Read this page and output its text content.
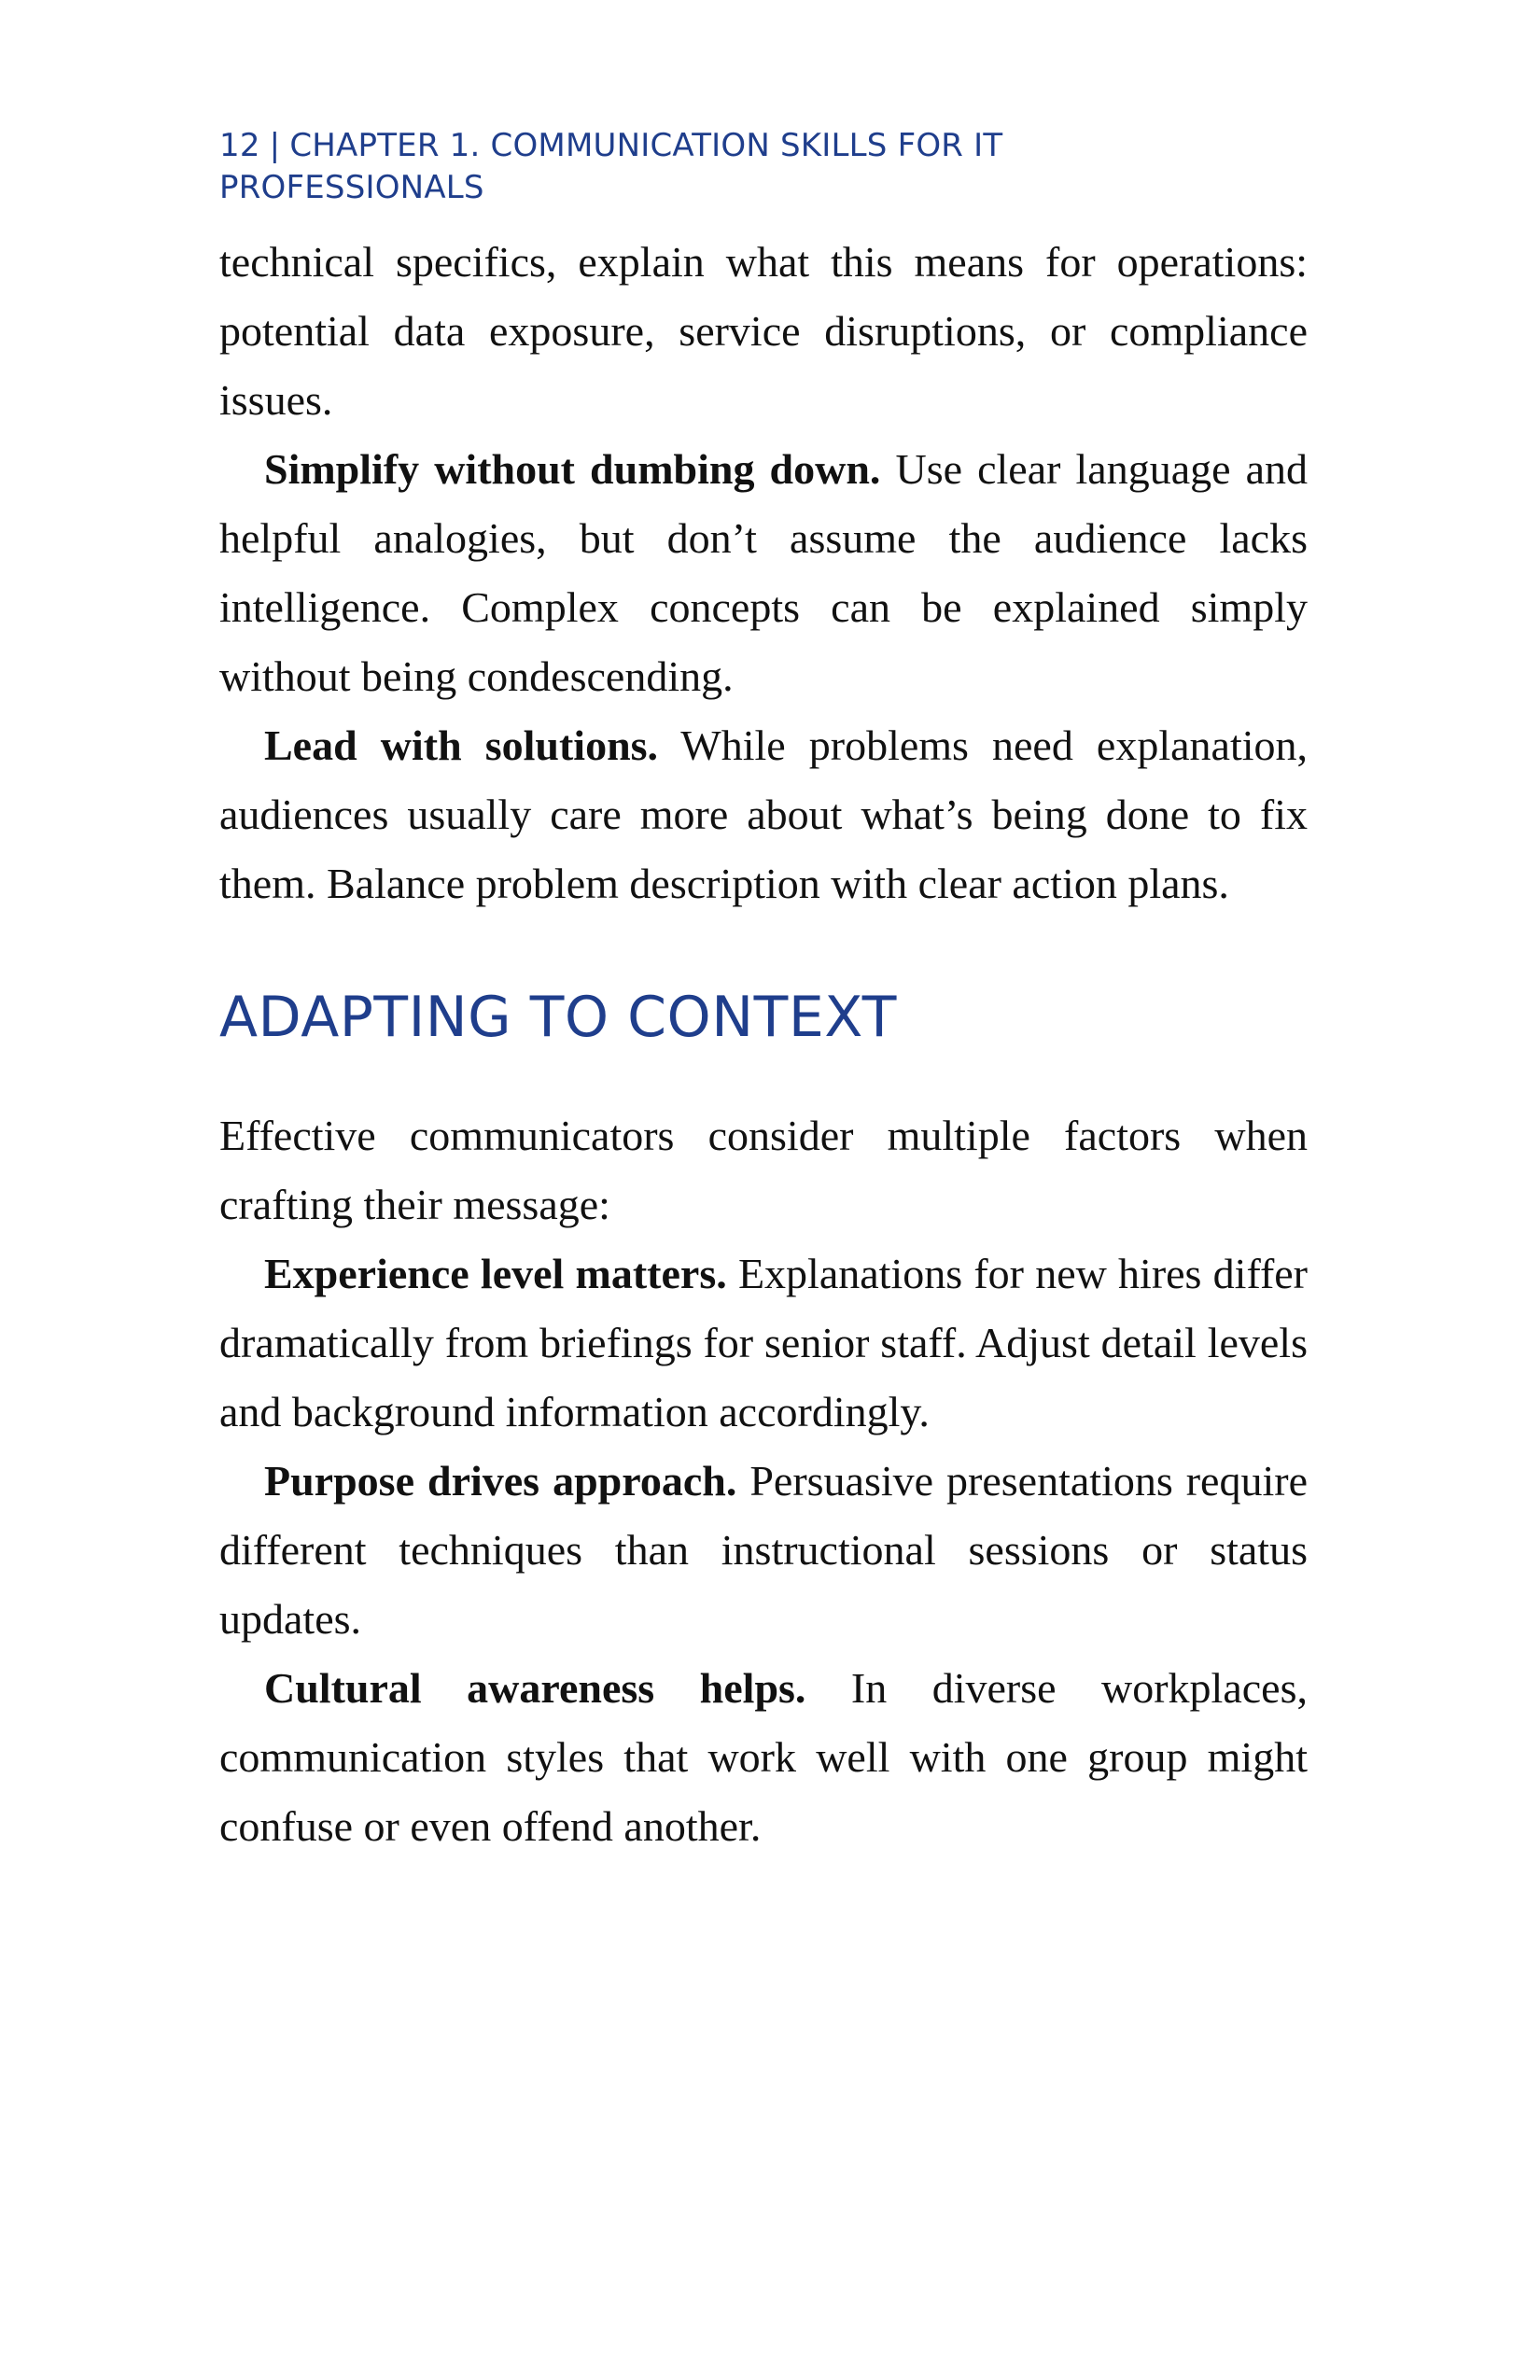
12 | CHAPTER 1. COMMUNICATION SKILLS FOR IT PROFESSIONALS

technical specifics, explain what this means for operations: potential data exposure, service disruptions, or compliance issues.

Simplify without dumbing down. Use clear language and helpful analogies, but don’t assume the audience lacks intelligence. Complex concepts can be explained simply without being condescending.

Lead with solutions. While problems need explanation, audiences usually care more about what’s being done to fix them. Balance problem description with clear action plans.

ADAPTING TO CONTEXT

Effective communicators consider multiple factors when crafting their message:

Experience level matters. Explanations for new hires differ dramatically from briefings for senior staff. Adjust detail levels and background information accordingly.

Purpose drives approach. Persuasive presentations require different techniques than instructional sessions or status updates.

Cultural awareness helps. In diverse workplaces, communication styles that work well with one group might confuse or even offend another.
